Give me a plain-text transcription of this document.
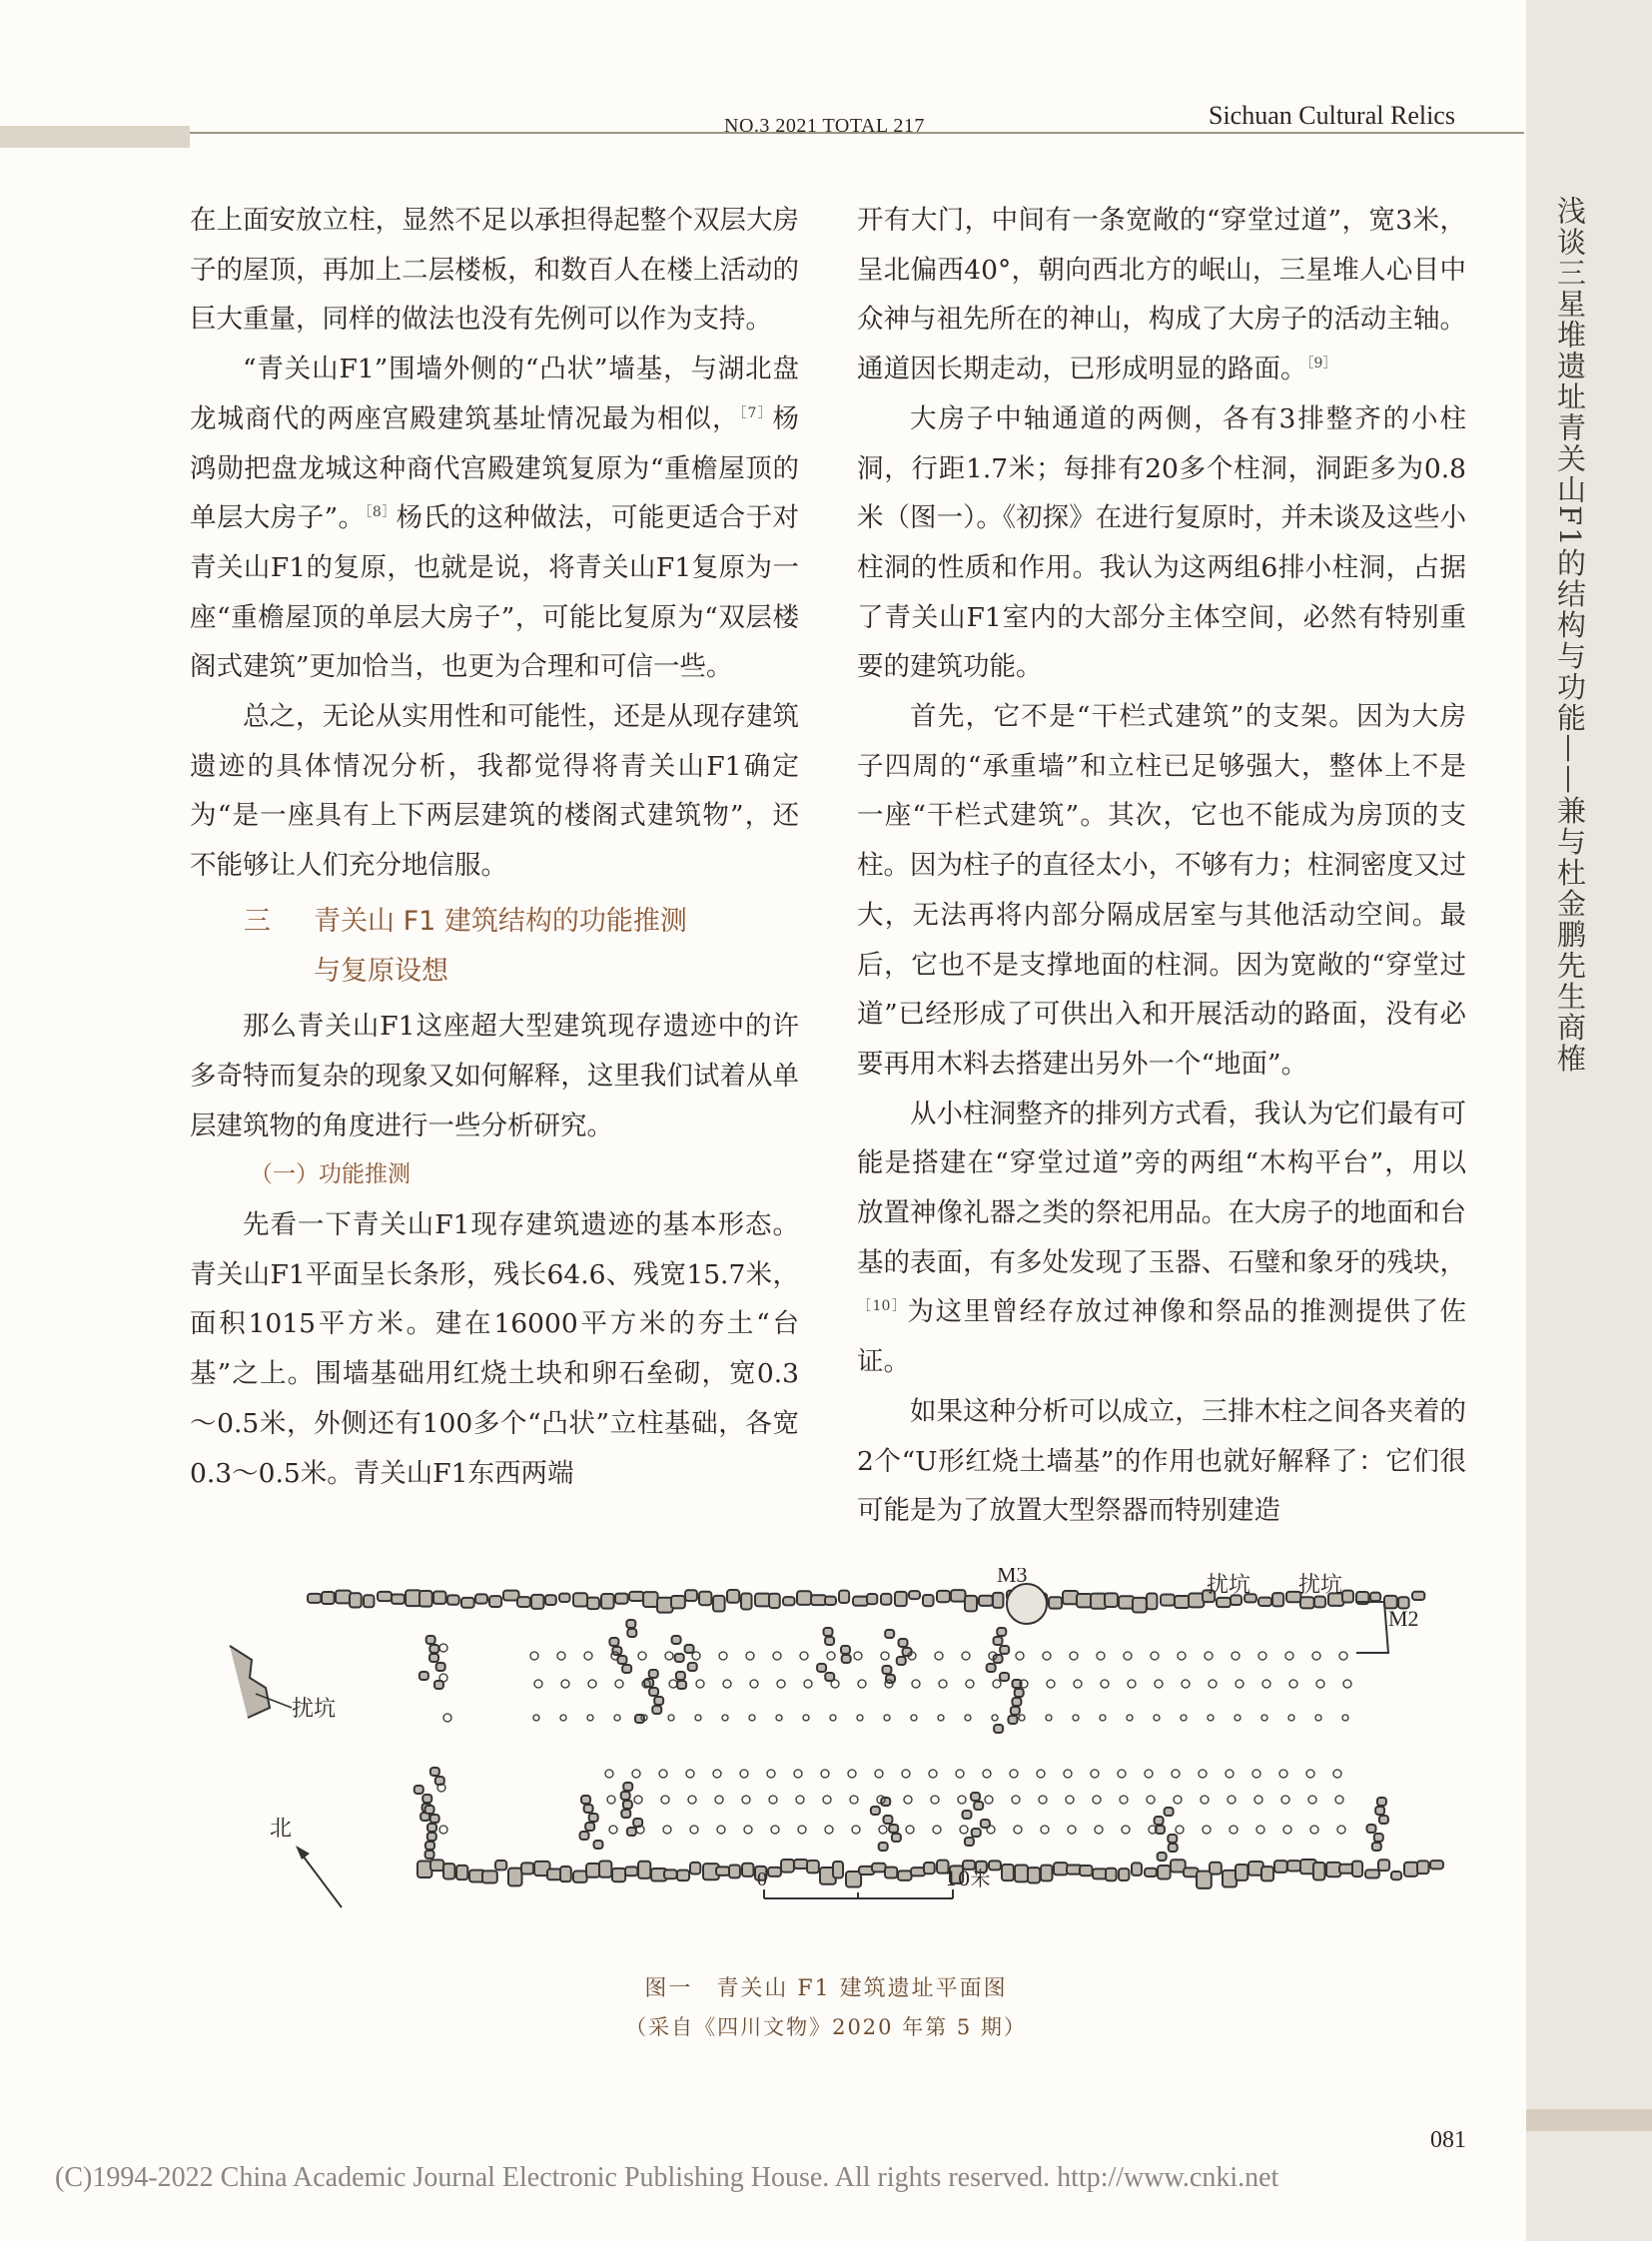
NO.3 2021 TOTAL 217	Sichuan Cultural Relics
浅谈三星堆遗址青关山F1的结构与功能——兼与杜金鹏先生商榷

在上面安放立柱，显然不足以承担得起整个双层大房子的屋顶，再加上二层楼板，和数百人在楼上活动的巨大重量，同样的做法也没有先例可以作为支持。

“青关山F1”围墙外侧的“凸状”墙基，与湖北盘龙城商代的两座宫殿建筑基址情况最为相似，$^{[7]}$杨鸿勋把盘龙城这种商代宫殿建筑复原为“重檐屋顶的单层大房子”。$^{[8]}$杨氏的这种做法，可能更适合于对青关山F1的复原，也就是说，将青关山F1复原为一座“重檐屋顶的单层大房子”，可能比复原为“双层楼阁式建筑”更加恰当，也更为合理和可信一些。

总之，无论从实用性和可能性，还是从现存建筑遗迹的具体情况分析，我都觉得将青关山F1确定为“是一座具有上下两层建筑的楼阁式建筑物”，还不能够让人们充分地信服。

三 青关山 F1 建筑结构的功能推测
与复原设想

那么青关山F1这座超大型建筑现存遗迹中的许多奇特而复杂的现象又如何解释，这里我们试着从单层建筑物的角度进行一些分析研究。

（一）功能推测

先看一下青关山F1现存建筑遗迹的基本形态。青关山F1平面呈长条形，残长64.6、残宽15.7米，面积1015平方米。建在16000平方米的夯土“台基”之上。围墙基础用红烧土块和卵石垒砌，宽0.3～0.5米，外侧还有100多个“凸状”立柱基础，各宽0.3～0.5米。青关山F1东西两端

开有大门，中间有一条宽敞的“穿堂过道”，宽3米，呈北偏西40°，朝向西北方的岷山，三星堆人心目中众神与祖先所在的神山，构成了大房子的活动主轴。通道因长期走动，已形成明显的路面。$^{[9]}$

大房子中轴通道的两侧，各有3排整齐的小柱洞，行距1.7米；每排有20多个柱洞，洞距多为0.8米（图一）。《初探》在进行复原时，并未谈及这些小柱洞的性质和作用。我认为这两组6排小柱洞，占据了青关山F1室内的大部分主体空间，必然有特别重要的建筑功能。

首先，它不是“干栏式建筑”的支架。因为大房子四周的“承重墙”和立柱已足够强大，整体上不是一座“干栏式建筑”。其次，它也不能成为房顶的支柱。因为柱子的直径太小，不够有力；柱洞密度又过大，无法再将内部分隔成居室与其他活动空间。最后，它也不是支撑地面的柱洞。因为宽敞的“穿堂过道”已经形成了可供出入和开展活动的路面，没有必要再用木料去搭建出另外一个“地面”。

从小柱洞整齐的排列方式看，我认为它们最有可能是搭建在“穿堂过道”旁的两组“木构平台”，用以放置神像礼器之类的祭祀用品。在大房子的地面和台基的表面，有多处发现了玉器、石璧和象牙的残块，$^{[10]}$为这里曾经存放过神像和祭品的推测提供了佐证。

如果这种分析可以成立，三排木柱之间各夹着的2个“U形红烧土墙基”的作用也就好解释了：它们很可能是为了放置大型祭器而特别建造

M3
M2
扰坑 扰坑
扰坑
北
0	10米
图一　青关山 F1 建筑遗址平面图
（采自《四川文物》2020 年第 5 期）
081
(C)1994-2022 China Academic Journal Electronic Publishing House. All rights reserved. http://www.cnki.net
